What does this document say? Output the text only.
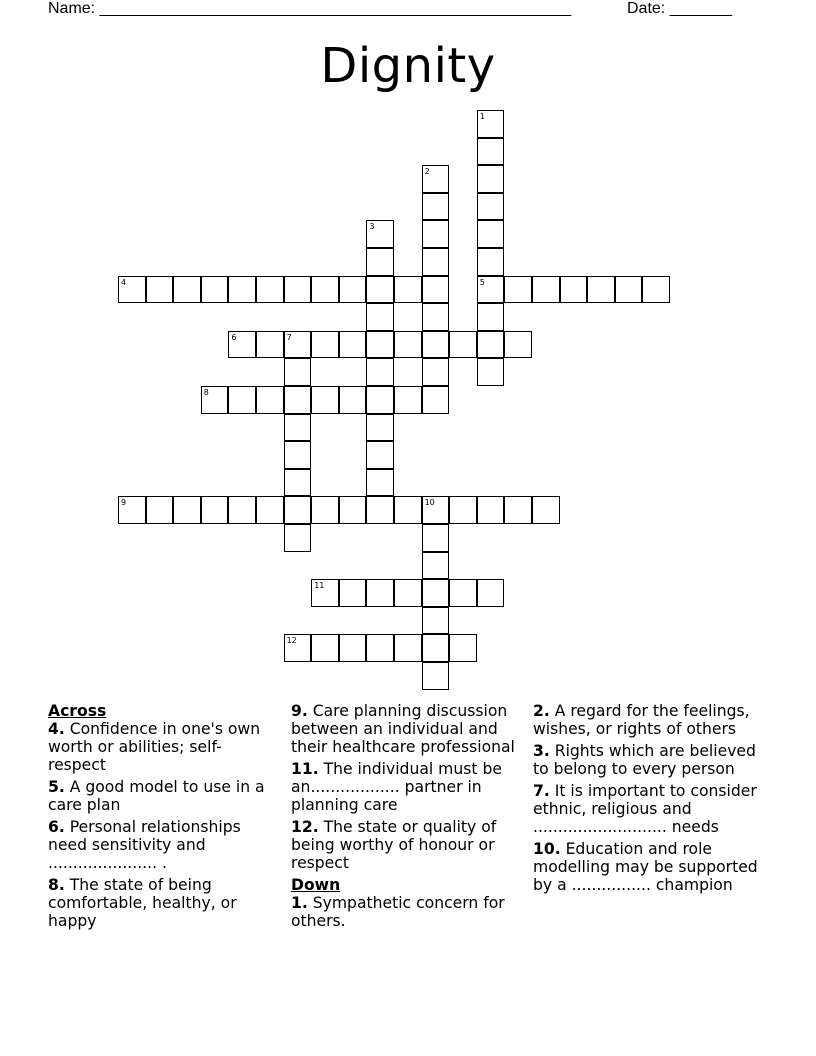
Name: _____________________________________________________	Date: _______
Dignity
1
5
2
3
4
6	7
8
9	10
11
12
Across
4. Confidence in one's own worth or abilities; self-respect
5. A good model to use in a care plan
6. Personal relationships need sensitivity and ...................... .
8. The state of being comfortable, healthy, or happy
9. Care planning discussion between an individual and their healthcare professional
11. The individual must be an.................. partner in planning care
12. The state or quality of being worthy of honour or respect
Down
1. Sympathetic concern for others.
2. A regard for the feelings, wishes, or rights of others
3. Rights which are believed to belong to every person
7. It is important to consider ethnic, religious and ........................... needs
10. Education and role modelling may be supported by a ................ champion
